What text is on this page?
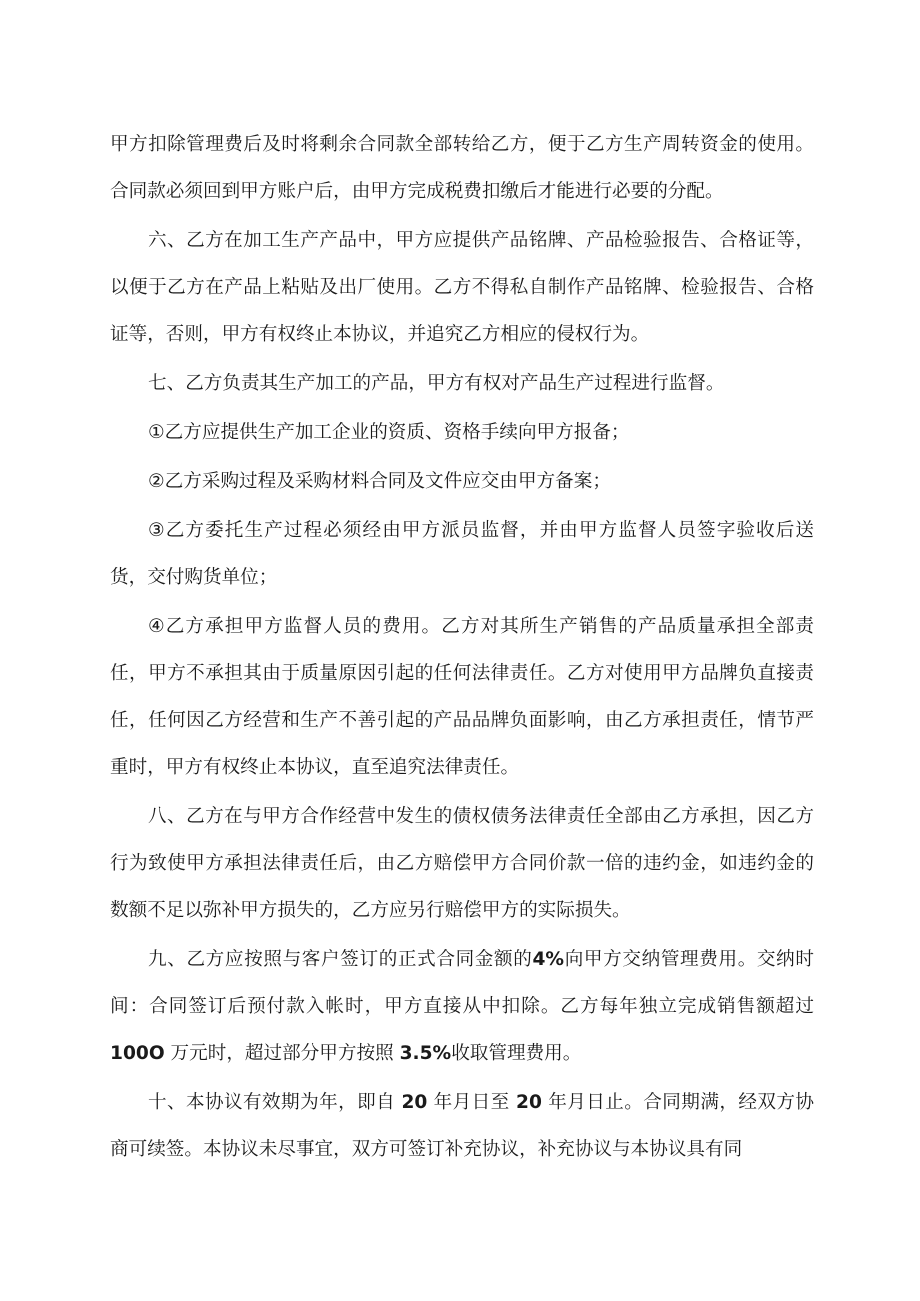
甲方扣除管理费后及时将剩余合同款全部转给乙方，便于乙方生产周转资金的使用。合同款必须回到甲方账户后，由甲方完成税费扣缴后才能进行必要的分配。

六、乙方在加工生产产品中，甲方应提供产品铭牌、产品检验报告、合格证等，以便于乙方在产品上粘贴及出厂使用。乙方不得私自制作产品铭牌、检验报告、合格证等，否则，甲方有权终止本协议，并追究乙方相应的侵权行为。

七、乙方负责其生产加工的产品，甲方有权对产品生产过程进行监督。

①乙方应提供生产加工企业的资质、资格手续向甲方报备；

②乙方采购过程及采购材料合同及文件应交由甲方备案；

③乙方委托生产过程必须经由甲方派员监督，并由甲方监督人员签字验收后送货，交付购货单位；

④乙方承担甲方监督人员的费用。乙方对其所生产销售的产品质量承担全部责任，甲方不承担其由于质量原因引起的任何法律责任。乙方对使用甲方品牌负直接责任，任何因乙方经营和生产不善引起的产品品牌负面影响，由乙方承担责任，情节严重时，甲方有权终止本协议，直至追究法律责任。

八、乙方在与甲方合作经营中发生的债权债务法律责任全部由乙方承担，因乙方行为致使甲方承担法律责任后，由乙方赔偿甲方合同价款一倍的违约金，如违约金的数额不足以弥补甲方损失的，乙方应另行赔偿甲方的实际损失。

九、乙方应按照与客户签订的正式合同金额的4%向甲方交纳管理费用。交纳时间：合同签订后预付款入帐时，甲方直接从中扣除。乙方每年独立完成销售额超过 100O 万元时，超过部分甲方按照 3.5%收取管理费用。

十、本协议有效期为年，即自 20 年月日至 20 年月日止。合同期满，经双方协商可续签。本协议未尽事宜，双方可签订补充协议，补充协议与本协议具有同
